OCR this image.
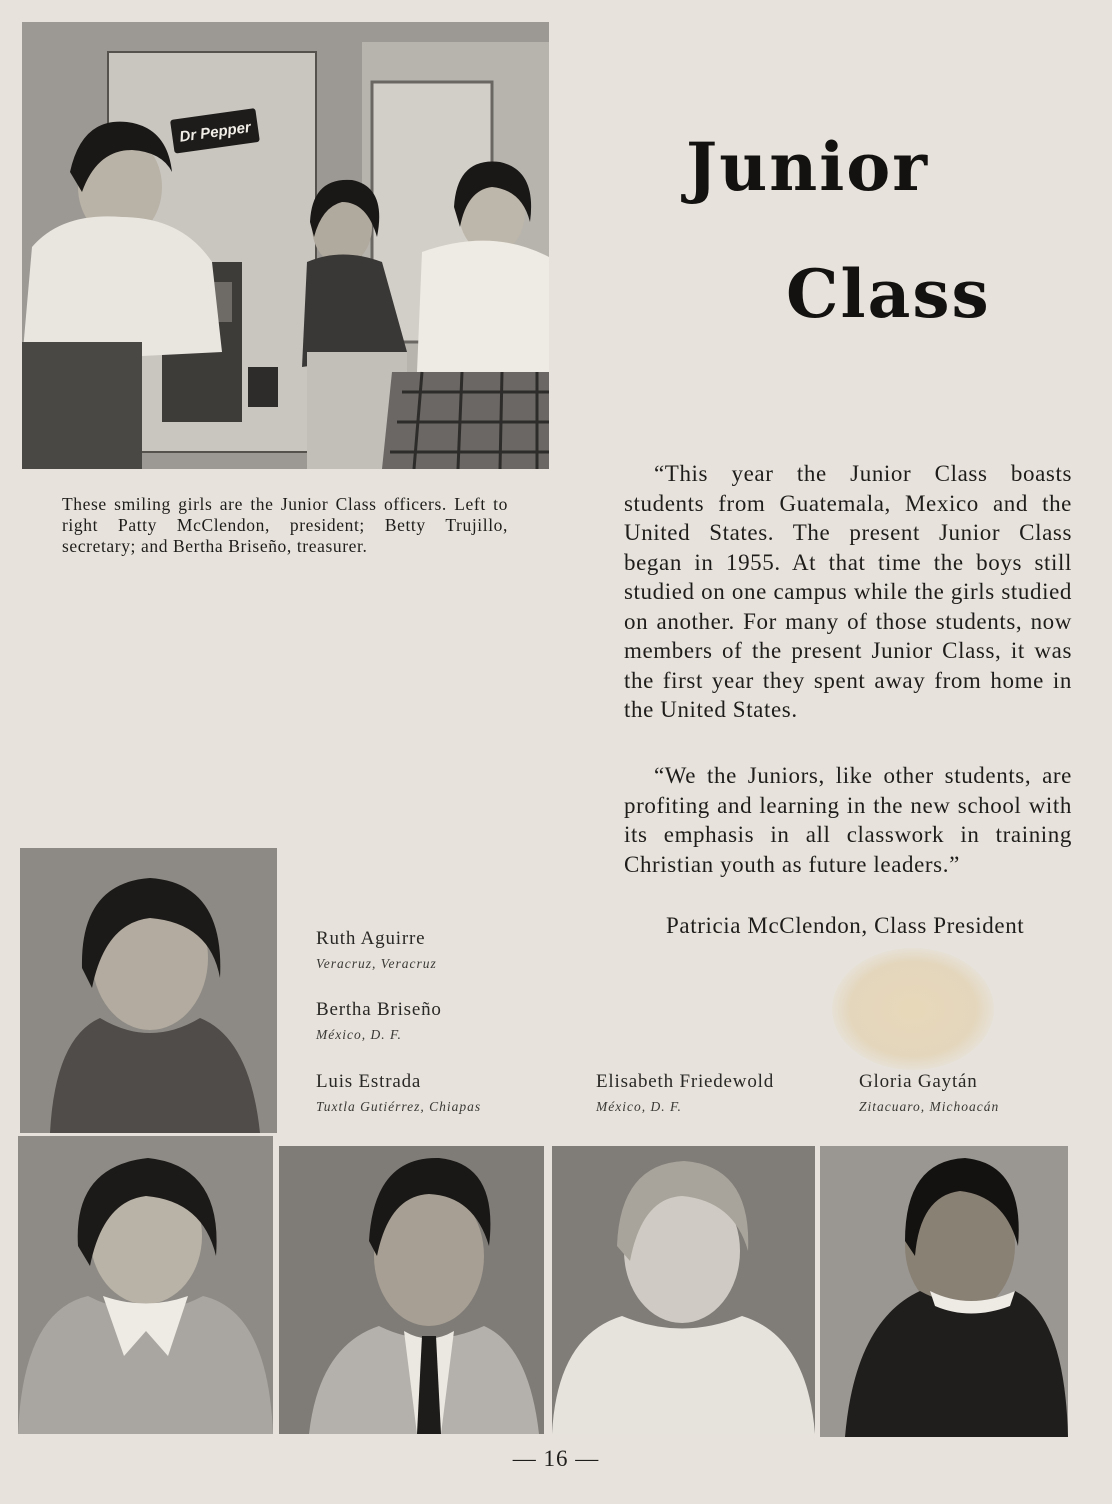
Dr Pepper
These smiling girls are the Junior Class officers. Left to right Patty McClendon, president; Betty Trujillo, secretary; and Bertha Briseño, treasurer.
Junior
Class
“This year the Junior Class boasts students from Guatemala, Mexico and the United States. The present Junior Class began in 1955. At that time the boys still studied on one campus while the girls studied on another. For many of those students, now members of the present Junior Class, it was the first year they spent away from home in the United States.
“We the Juniors, like other students, are profiting and learning in the new school with its emphasis in all classwork in training Christian youth as future leaders.”
Patricia McClendon, Class President
Ruth Aguirre
Veracruz, Veracruz
Bertha Briseño
México, D. F.
Luis Estrada
Tuxtla Gutiérrez, Chiapas
Elisabeth Friedewold
México, D. F.
Gloria Gaytán
Zitacuaro, Michoacán
— 16 —
